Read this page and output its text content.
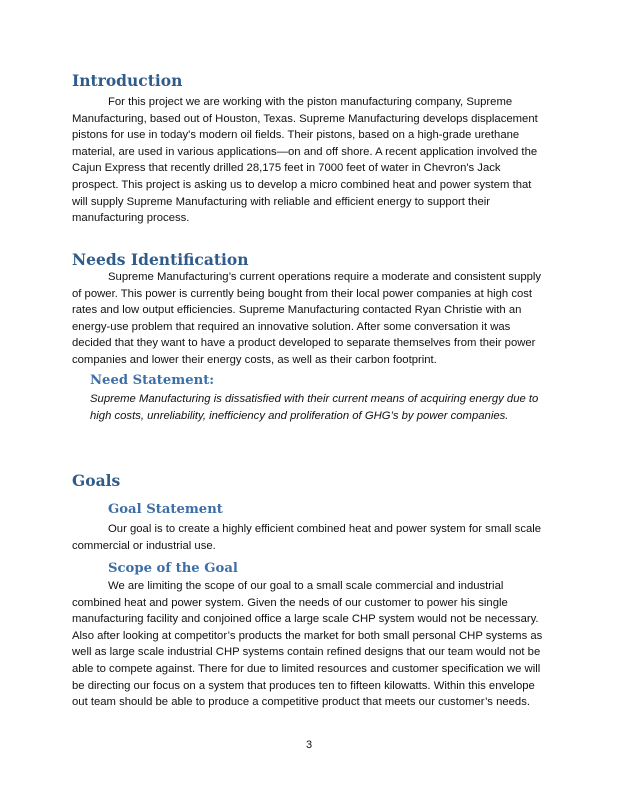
Introduction

For this project we are working with the piston manufacturing company, Supreme Manufacturing, based out of Houston, Texas. Supreme Manufacturing develops displacement pistons for use in today's modern oil fields. Their pistons, based on a high-grade urethane material, are used in various applications—on and off shore. A recent application involved the Cajun Express that recently drilled 28,175 feet in 7000 feet of water in Chevron's Jack prospect. This project is asking us to develop a micro combined heat and power system that will supply Supreme Manufacturing with reliable and efficient energy to support their manufacturing process.

Needs Identification

Supreme Manufacturing’s current operations require a moderate and consistent supply of power. This power is currently being bought from their local power companies at high cost rates and low output efficiencies. Supreme Manufacturing contacted Ryan Christie with an energy-use problem that required an innovative solution. After some conversation it was decided that they want to have a product developed to separate themselves from their power companies and lower their energy costs, as well as their carbon footprint.

Need Statement:

Supreme Manufacturing is dissatisfied with their current means of acquiring energy due to high costs, unreliability, inefficiency and proliferation of GHG’s by power companies.

Goals
Goal Statement

Our goal is to create a highly efficient combined heat and power system for small scale commercial or industrial use.

Scope of the Goal

We are limiting the scope of our goal to a small scale commercial and industrial combined heat and power system. Given the needs of our customer to power his single manufacturing facility and conjoined office a large scale CHP system would not be necessary. Also after looking at competitor’s products the market for both small personal CHP systems as well as large scale industrial CHP systems contain refined designs that our team would not be able to compete against. There for due to limited resources and customer specification we will be directing our focus on a system that produces ten to fifteen kilowatts. Within this envelope out team should be able to produce a competitive product that meets our customer’s needs.

3
